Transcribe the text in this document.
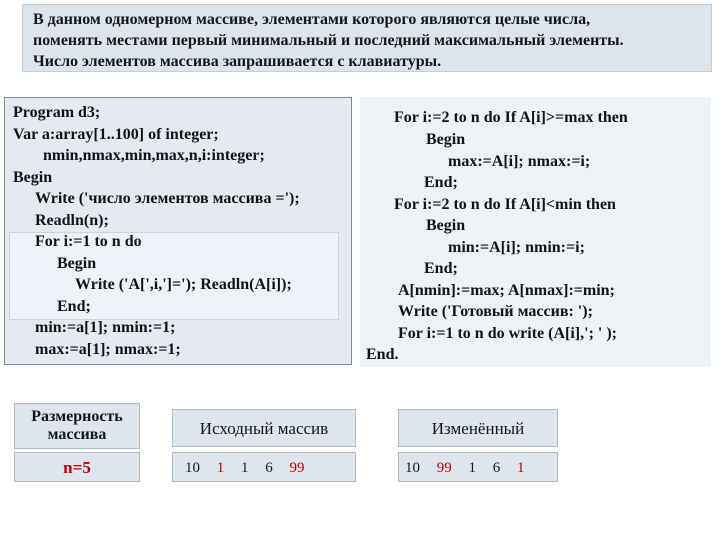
В данном одномерном массиве, элементами которого являются целые числа,
поменять местами первый минимальный и последний максимальный элементы.
Число элементов массива запрашивается с клавиатуры.
Program d3;
Var a:array[1..100] of integer;
nmin,nmax,min,max,n,i:integer;
Begin
Write ('число элементов массива =');
Readln(n);
For i:=1 to n do
Begin
Write ('A[',i,']='); Readln(A[i]);
End;
min:=a[1]; nmin:=1;
max:=a[1]; nmax:=1;
For i:=2 to n do If A[i]>=max then
Begin
max:=A[i]; nmax:=i;
End;
For i:=2 to n do If A[i]<min then
Begin
min:=A[i]; nmin:=i;
End;
A[nmin]:=max; A[nmax]:=min;
Write ('Готовый массив: ');
For i:=1 to n do write (A[i],'; ' );
End.
Размерность
массива
n=5
Исходный массив
10 1 1 6 99
Изменённый
10 99 1 6 1
